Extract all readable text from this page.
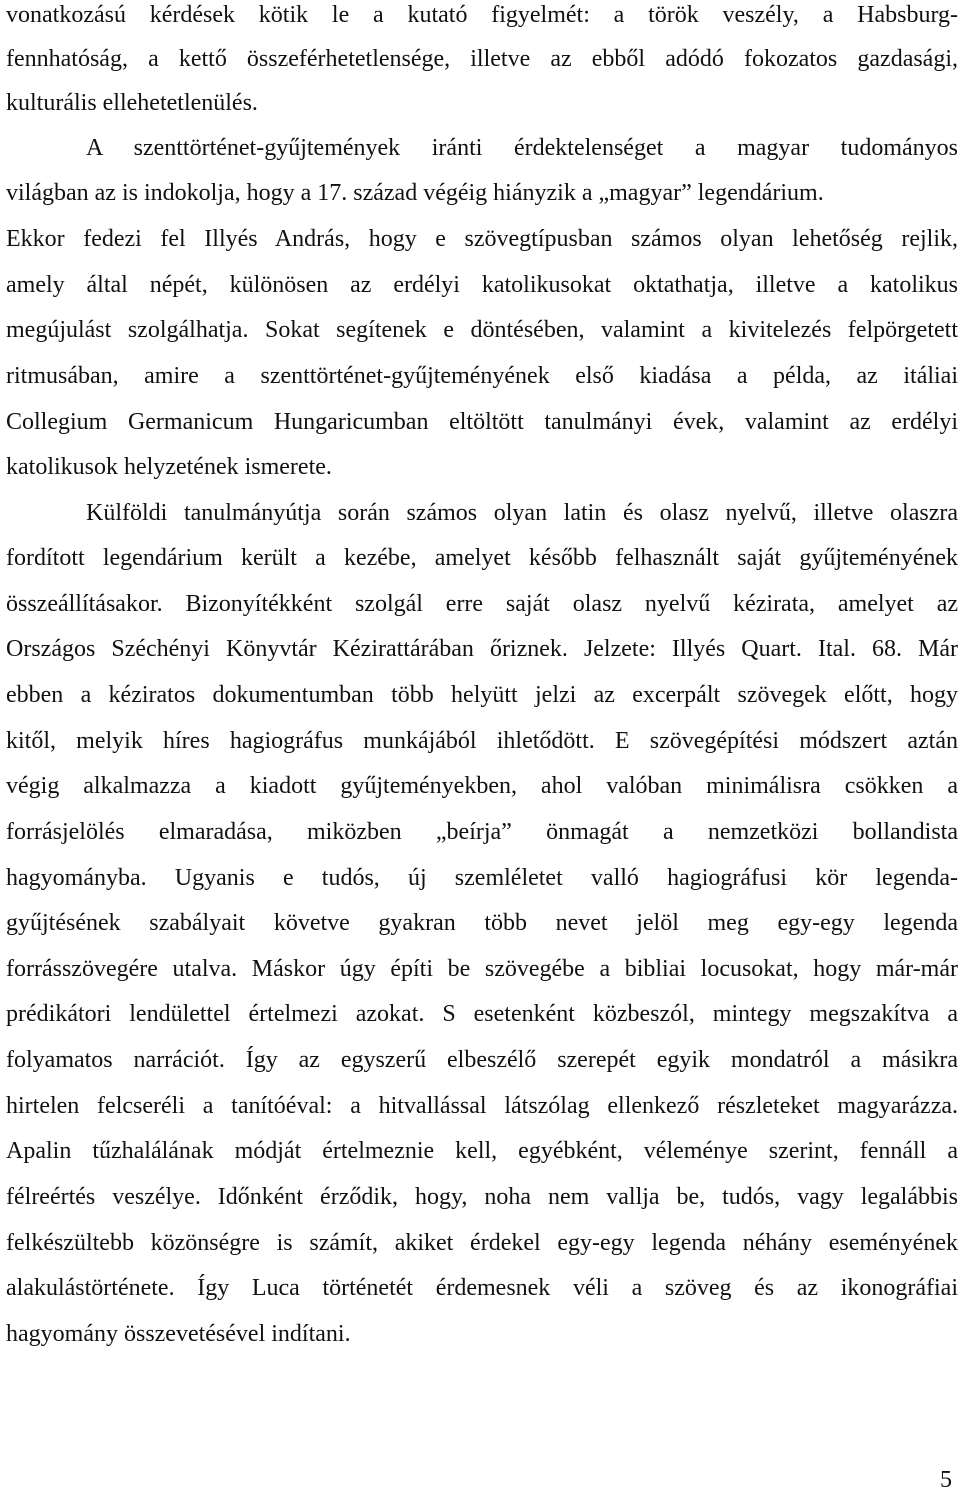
vonatkozású kérdések kötik le a kutató figyelmét: a török veszély, a Habsburg-
fennhatóság, a kettő összeférhetetlensége, illetve az ebből adódó fokozatos gazdasági,
kulturális ellehetetlenülés.
A szenttörténet-gyűjtemények iránti érdektelenséget a magyar tudományos
világban az is indokolja, hogy a 17. század végéig hiányzik a „magyar” legendárium.
Ekkor fedezi fel Illyés András, hogy e szövegtípusban számos olyan lehetőség rejlik,
amely által népét, különösen az erdélyi katolikusokat oktathatja, illetve a katolikus
megújulást szolgálhatja. Sokat segítenek e döntésében, valamint a kivitelezés felpörgetett
ritmusában, amire a szenttörténet-gyűjteményének első kiadása a példa, az itáliai
Collegium Germanicum Hungaricumban eltöltött tanulmányi évek, valamint az erdélyi
katolikusok helyzetének ismerete.
Külföldi tanulmányútja során számos olyan latin és olasz nyelvű, illetve olaszra
fordított legendárium került a kezébe, amelyet később felhasznált saját gyűjteményének
összeállításakor. Bizonyítékként szolgál erre saját olasz nyelvű kézirata, amelyet az
Országos Széchényi Könyvtár Kézirattárában őriznek. Jelzete: Illyés Quart. Ital. 68. Már
ebben a kéziratos dokumentumban több helyütt jelzi az excerpált szövegek előtt, hogy
kitől, melyik híres hagiográfus munkájából ihletődött. E szövegépítési módszert aztán
végig alkalmazza a kiadott gyűjteményekben, ahol valóban minimálisra csökken a
forrásjelölés elmaradása, miközben „beírja” önmagát a nemzetközi bollandista
hagyományba. Ugyanis e tudós, új szemléletet valló hagiográfusi kör legenda-
gyűjtésének szabályait követve gyakran több nevet jelöl meg egy-egy legenda
forrásszövegére utalva. Máskor úgy építi be szövegébe a bibliai locusokat, hogy már-már
prédikátori lendülettel értelmezi azokat. S esetenként közbeszól, mintegy megszakítva a
folyamatos narrációt. Így az egyszerű elbeszélő szerepét egyik mondatról a másikra
hirtelen felcseréli a tanítóéval: a hitvallással látszólag ellenkező részleteket magyarázza.
Apalin tűzhalálának módját értelmeznie kell, egyébként, véleménye szerint, fennáll a
félreértés veszélye. Időnként érződik, hogy, noha nem vallja be, tudós, vagy legalábbis
felkészültebb közönségre is számít, akiket érdekel egy-egy legenda néhány eseményének
alakulástörténete. Így Luca történetét érdemesnek véli a szöveg és az ikonográfiai
hagyomány összevetésével indítani.
5
